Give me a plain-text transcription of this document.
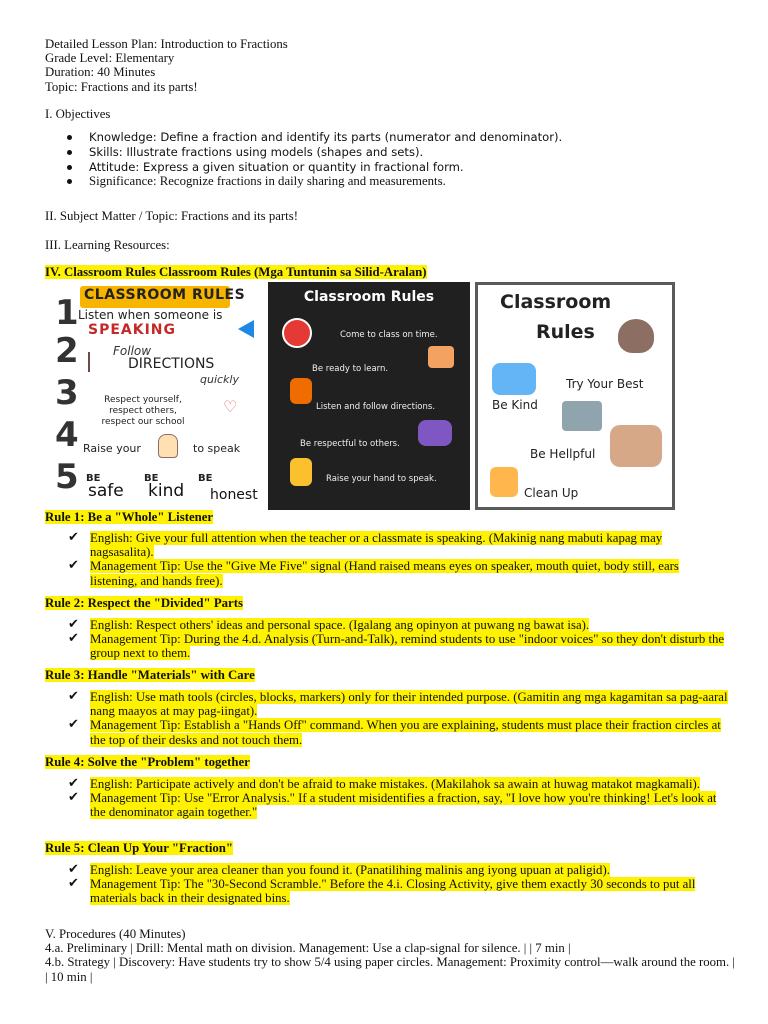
Detailed Lesson Plan: Introduction to Fractions
Grade Level: Elementary
Duration: 40 Minutes
Topic: Fractions and its parts!
I. Objectives
Knowledge: Define a fraction and identify its parts (numerator and denominator).
Skills: Illustrate fractions using models (shapes and sets).
Attitude: Express a given situation or quantity in fractional form.
Significance: Recognize fractions in daily sharing and measurements.
II. Subject Matter / Topic: Fractions and its parts!
III. Learning Resources:
IV. Classroom Rules Classroom Rules (Mga Tuntunin sa Silid-Aralan)
CLASSROOM RULES
1 Listen when someone is
SPEAKING
2	Follow
DIRECTIONS
quickly
3	Respect yourself,
respect others,
respect our school
♡
4 Raise your	to speak
5 BE	BE	BE
safe kind honest
Classroom Rules
Come to class on time.
Be ready to learn.
Listen and follow directions.
Be respectful to others.
Raise your hand to speak.
Classroom
Rules
Try Your Best
Be Kind
Be Hellpful
Clean Up
Rule 1: Be a "Whole" Listener
✔ English: Give your full attention when the teacher or a classmate is speaking. (Makinig nang mabuti kapag may nagsasalita).
✔ Management Tip: Use the "Give Me Five" signal (Hand raised means eyes on speaker, mouth quiet, body still, ears listening, and hands free).
Rule 2: Respect the "Divided" Parts
✔ English: Respect others' ideas and personal space. (Igalang ang opinyon at puwang ng bawat isa).
✔ Management Tip: During the 4.d. Analysis (Turn-and-Talk), remind students to use "indoor voices" so they don't disturb the group next to them.
Rule 3: Handle "Materials" with Care
✔ English: Use math tools (circles, blocks, markers) only for their intended purpose. (Gamitin ang mga kagamitan sa pag-aaral nang maayos at may pag-iingat).
✔ Management Tip: Establish a "Hands Off" command. When you are explaining, students must place their fraction circles at the top of their desks and not touch them.
Rule 4: Solve the "Problem" together
✔ English: Participate actively and don't be afraid to make mistakes. (Makilahok sa awain at huwag matakot magkamali).
✔ Management Tip: Use "Error Analysis." If a student misidentifies a fraction, say, "I love how you're thinking! Let's look at the denominator again together."
Rule 5: Clean Up Your "Fraction"
✔ English: Leave your area cleaner than you found it. (Panatilihing malinis ang iyong upuan at paligid).
✔ Management Tip: The "30-Second Scramble." Before the 4.i. Closing Activity, give them exactly 30 seconds to put all materials back in their designated bins.
V. Procedures (40 Minutes)
4.a. Preliminary | Drill: Mental math on division. Management: Use a clap-signal for silence. | | 7 min |
4.b. Strategy | Discovery: Have students try to show 5/4 using paper circles. Management: Proximity control—walk around the room. | | 10 min |
